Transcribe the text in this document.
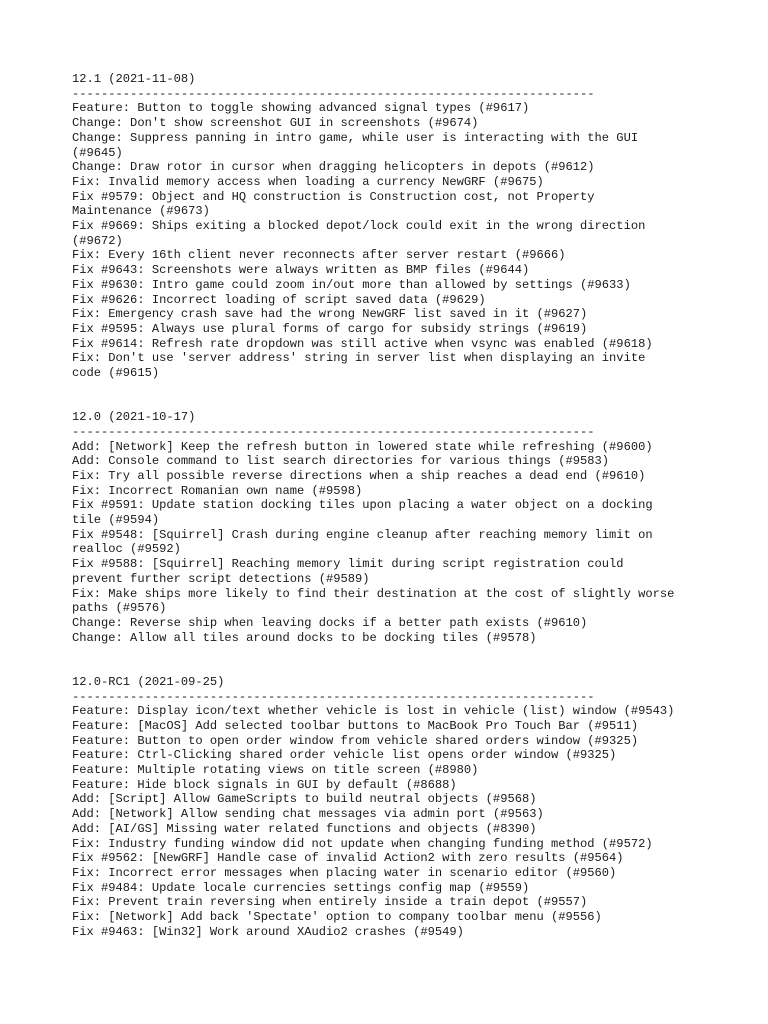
12.1 (2021-11-08)
------------------------------------------------------------------------
Feature: Button to toggle showing advanced signal types (#9617)
Change: Don't show screenshot GUI in screenshots (#9674)
Change: Suppress panning in intro game, while user is interacting with the GUI
(#9645)
Change: Draw rotor in cursor when dragging helicopters in depots (#9612)
Fix: Invalid memory access when loading a currency NewGRF (#9675)
Fix #9579: Object and HQ construction is Construction cost, not Property
Maintenance (#9673)
Fix #9669: Ships exiting a blocked depot/lock could exit in the wrong direction
(#9672)
Fix: Every 16th client never reconnects after server restart (#9666)
Fix #9643: Screenshots were always written as BMP files (#9644)
Fix #9630: Intro game could zoom in/out more than allowed by settings (#9633)
Fix #9626: Incorrect loading of script saved data (#9629)
Fix: Emergency crash save had the wrong NewGRF list saved in it (#9627)
Fix #9595: Always use plural forms of cargo for subsidy strings (#9619)
Fix #9614: Refresh rate dropdown was still active when vsync was enabled (#9618)
Fix: Don't use 'server address' string in server list when displaying an invite
code (#9615)
12.0 (2021-10-17)
------------------------------------------------------------------------
Add: [Network] Keep the refresh button in lowered state while refreshing (#9600)
Add: Console command to list search directories for various things (#9583)
Fix: Try all possible reverse directions when a ship reaches a dead end (#9610)
Fix: Incorrect Romanian own name (#9598)
Fix #9591: Update station docking tiles upon placing a water object on a docking
tile (#9594)
Fix #9548: [Squirrel] Crash during engine cleanup after reaching memory limit on
realloc (#9592)
Fix #9588: [Squirrel] Reaching memory limit during script registration could
prevent further script detections (#9589)
Fix: Make ships more likely to find their destination at the cost of slightly worse
paths (#9576)
Change: Reverse ship when leaving docks if a better path exists (#9610)
Change: Allow all tiles around docks to be docking tiles (#9578)
12.0-RC1 (2021-09-25)
------------------------------------------------------------------------
Feature: Display icon/text whether vehicle is lost in vehicle (list) window (#9543)
Feature: [MacOS] Add selected toolbar buttons to MacBook Pro Touch Bar (#9511)
Feature: Button to open order window from vehicle shared orders window (#9325)
Feature: Ctrl-Clicking shared order vehicle list opens order window (#9325)
Feature: Multiple rotating views on title screen (#8980)
Feature: Hide block signals in GUI by default (#8688)
Add: [Script] Allow GameScripts to build neutral objects (#9568)
Add: [Network] Allow sending chat messages via admin port (#9563)
Add: [AI/GS] Missing water related functions and objects (#8390)
Fix: Industry funding window did not update when changing funding method (#9572)
Fix #9562: [NewGRF] Handle case of invalid Action2 with zero results (#9564)
Fix: Incorrect error messages when placing water in scenario editor (#9560)
Fix #9484: Update locale currencies settings config map (#9559)
Fix: Prevent train reversing when entirely inside a train depot (#9557)
Fix: [Network] Add back 'Spectate' option to company toolbar menu (#9556)
Fix #9463: [Win32] Work around XAudio2 crashes (#9549)
